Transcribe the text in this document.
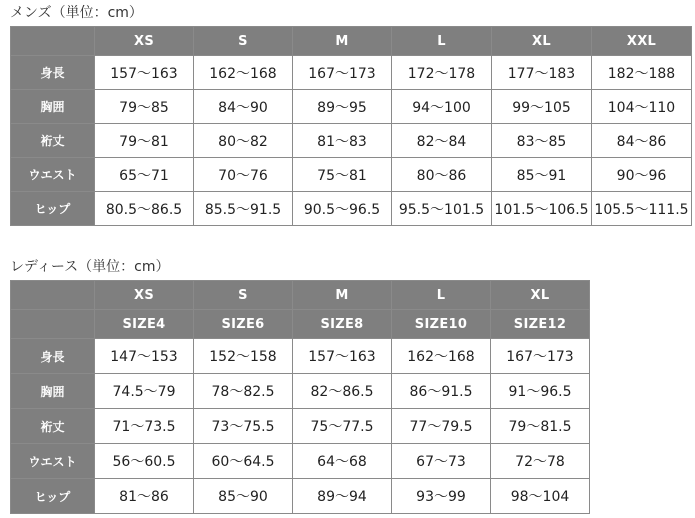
メンズ（単位：cm）
	XS	S	M	L	XL	XXL
身長	157〜163	162〜168	167〜173	172〜178	177〜183	182〜188
胸囲	79〜85	84〜90	89〜95	94〜100	99〜105	104〜110
裄丈	79〜81	80〜82	81〜83	82〜84	83〜85	84〜86
ウエスト	65〜71	70〜76	75〜81	80〜86	85〜91	90〜96
ヒップ	80.5〜86.5	85.5〜91.5	90.5〜96.5	95.5〜101.5	101.5〜106.5	105.5〜111.5
レディース（単位：cm）
	XS	S	M	L	XL
	SIZE4	SIZE6	SIZE8	SIZE10	SIZE12
身長	147〜153	152〜158	157〜163	162〜168	167〜173
胸囲	74.5〜79	78〜82.5	82〜86.5	86〜91.5	91〜96.5
裄丈	71〜73.5	73〜75.5	75〜77.5	77〜79.5	79〜81.5
ウエスト	56〜60.5	60〜64.5	64〜68	67〜73	72〜78
ヒップ	81〜86	85〜90	89〜94	93〜99	98〜104
